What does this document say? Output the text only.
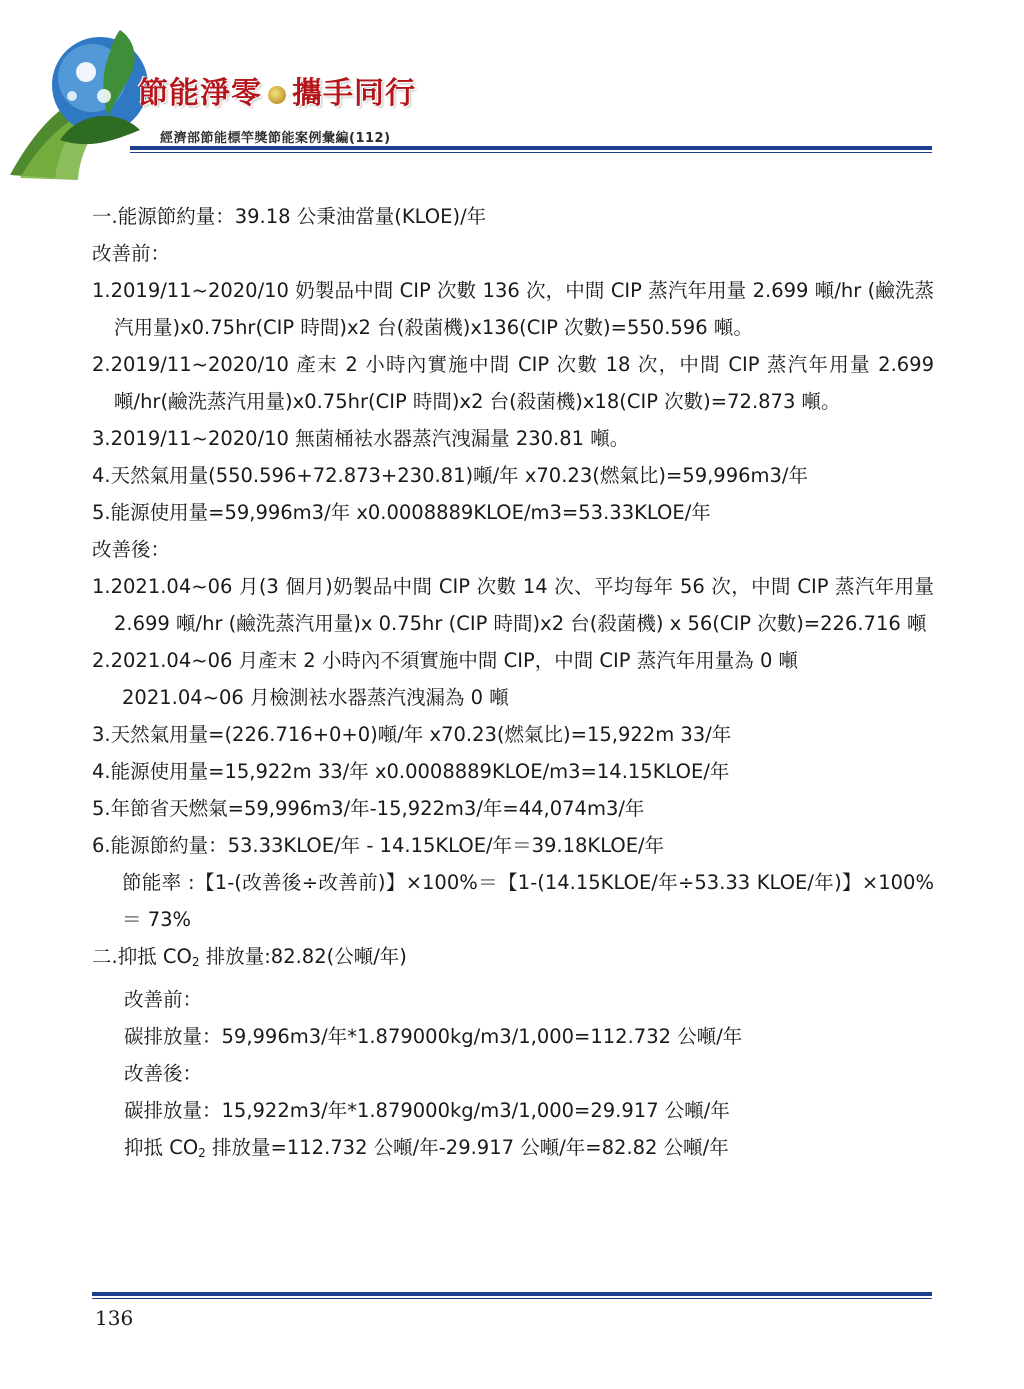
節能淨零 攜手同行
經濟部節能標竿獎節能案例彙編(112)
一.能源節約量：39.18 公秉油當量(KLOE)/年
改善前：
1.2019/11~2020/10 奶製品中間 CIP 次數 136 次，中間 CIP 蒸汽年用量 2.699 噸/hr (鹼洗蒸汽用量)x0.75hr(CIP 時間)x2 台(殺菌機)x136(CIP 次數)=550.596 噸。
2.2019/11~2020/10 產末 2 小時內實施中間 CIP 次數 18 次，中間 CIP 蒸汽年用量 2.699 噸/hr(鹼洗蒸汽用量)x0.75hr(CIP 時間)x2 台(殺菌機)x18(CIP 次數)=72.873 噸。
3.2019/11~2020/10 無菌桶袪水器蒸汽洩漏量 230.81 噸。
4.天然氣用量(550.596+72.873+230.81)噸/年 x70.23(燃氣比)=59,996m3/年
5.能源使用量=59,996m3/年 x0.0008889KLOE/m3=53.33KLOE/年
改善後：
1.2021.04~06 月(3 個月)奶製品中間 CIP 次數 14 次、平均每年 56 次，中間 CIP 蒸汽年用量 2.699 噸/hr (鹼洗蒸汽用量)x 0.75hr (CIP 時間)x2 台(殺菌機) x 56(CIP 次數)=226.716 噸
2.2021.04~06 月產末 2 小時內不須實施中間 CIP，中間 CIP 蒸汽年用量為 0 噸
2021.04~06 月檢測袪水器蒸汽洩漏為 0 噸
3.天然氣用量=(226.716+0+0)噸/年 x70.23(燃氣比)=15,922m 33/年
4.能源使用量=15,922m 33/年 x0.0008889KLOE/m3=14.15KLOE/年
5.年節省天燃氣=59,996m3/年-15,922m3/年=44,074m3/年
6.能源節約量：53.33KLOE/年 - 14.15KLOE/年＝39.18KLOE/年
節能率 :【1-(改善後÷改善前)】×100%＝【1-(14.15KLOE/年÷53.33 KLOE/年)】×100%＝ 73%
二.抑抵 $CO_2$ 排放量:82.82(公噸/年)
改善前：
碳排放量：59,996m3/年*1.879000kg/m3/1,000=112.732 公噸/年
改善後：
碳排放量：15,922m3/年*1.879000kg/m3/1,000=29.917 公噸/年
抑抵 $CO_2$ 排放量=112.732 公噸/年-29.917 公噸/年=82.82 公噸/年
136
